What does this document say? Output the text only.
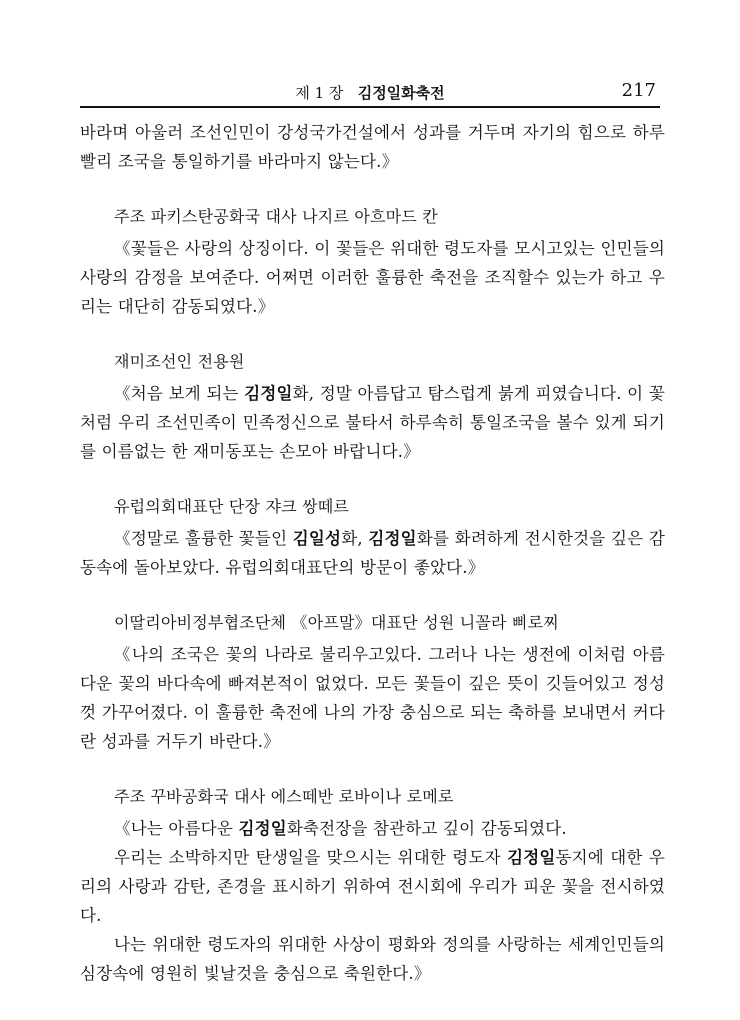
제 1 장 김정일화축전	217

바라며 아울러 조선인민이 강성국가건설에서 성과를 거두며 자기의 힘으로 하루빨리 조국을 통일하기를 바라마지 않는다.》

주조 파키스탄공화국 대사 나지르 아흐마드 칸

《꽃들은 사랑의 상징이다. 이 꽃들은 위대한 령도자를 모시고있는 인민들의 사랑의 감정을 보여준다. 어쩌면 이러한 훌륭한 축전을 조직할수 있는가 하고 우리는 대단히 감동되였다.》

재미조선인 전용원

《처음 보게 되는 김정일화, 정말 아름답고 탐스럽게 붉게 피였습니다. 이 꽃처럼 우리 조선민족이 민족정신으로 불타서 하루속히 통일조국을 볼수 있게 되기를 이름없는 한 재미동포는 손모아 바랍니다.》

유럽의회대표단 단장 쟈크 쌍떼르

《정말로 훌륭한 꽃들인 김일성화, 김정일화를 화려하게 전시한것을 깊은 감동속에 돌아보았다. 유럽의회대표단의 방문이 좋았다.》

이딸리아비정부협조단체 《아프말》대표단 성원 니꼴라 삐로찌

《나의 조국은 꽃의 나라로 불리우고있다. 그러나 나는 생전에 이처럼 아름다운 꽃의 바다속에 빠져본적이 없었다. 모든 꽃들이 깊은 뜻이 깃들어있고 정성껏 가꾸어졌다. 이 훌륭한 축전에 나의 가장 충심으로 되는 축하를 보내면서 커다란 성과를 거두기 바란다.》

주조 꾸바공화국 대사 에스떼반 로바이나 로메로

《나는 아름다운 김정일화축전장을 참관하고 깊이 감동되였다.

우리는 소박하지만 탄생일을 맞으시는 위대한 령도자 김정일동지에 대한 우리의 사랑과 감탄, 존경을 표시하기 위하여 전시회에 우리가 피운 꽃을 전시하였다.

나는 위대한 령도자의 위대한 사상이 평화와 정의를 사랑하는 세계인민들의 심장속에 영원히 빛날것을 충심으로 축원한다.》
